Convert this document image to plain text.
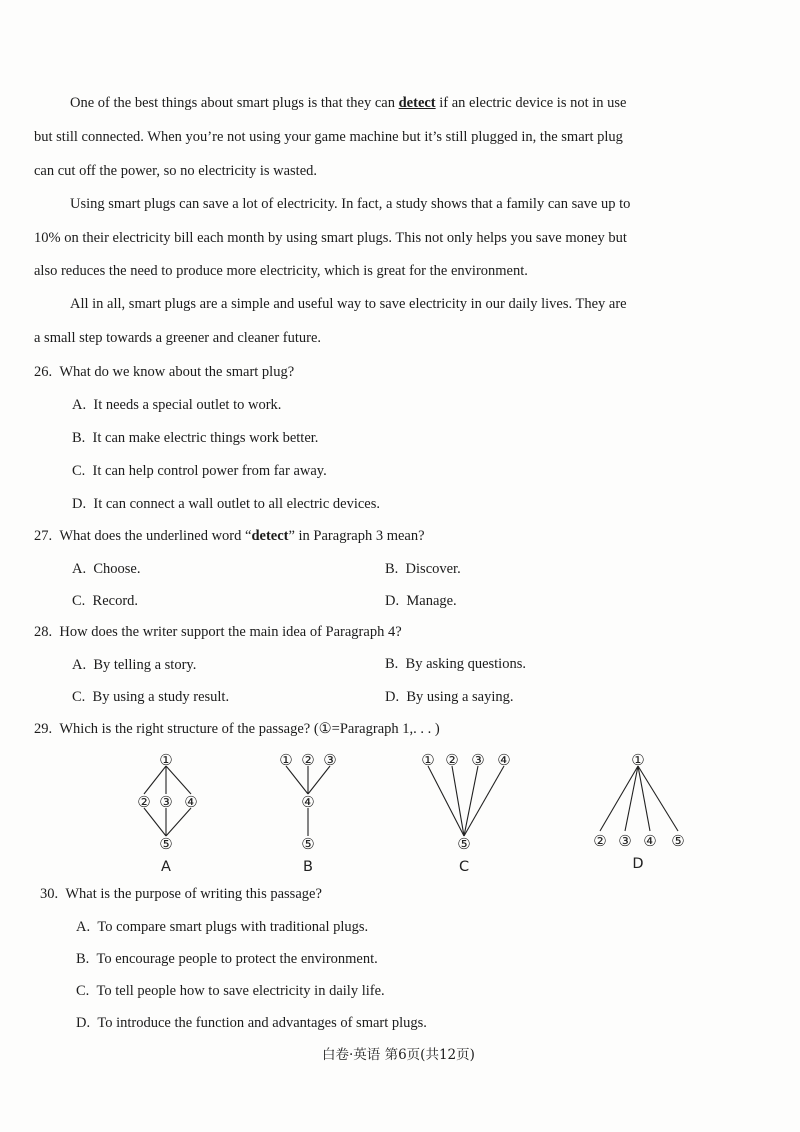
One of the best things about smart plugs is that they can detect if an electric device is not in use
but still connected. When you’re not using your game machine but it’s still plugged in, the smart plug
can cut off the power, so no electricity is wasted.
Using smart plugs can save a lot of electricity. In fact, a study shows that a family can save up to
10% on their electricity bill each month by using smart plugs. This not only helps you save money but
also reduces the need to produce more electricity, which is great for the environment.
All in all, smart plugs are a simple and useful way to save electricity in our daily lives. They are
a small step towards a greener and cleaner future.
26. What do we know about the smart plug?
A. It needs a special outlet to work.
B. It can make electric things work better.
C. It can help control power from far away.
D. It can connect a wall outlet to all electric devices.
27. What does the underlined word “detect” in Paragraph 3 mean?
A. Choose.	B. Discover.
C. Record.	D. Manage.
28. How does the writer support the main idea of Paragraph 4?
A. By telling a story.	B. By asking questions.
C. By using a study result.	D. By using a saying.
29. Which is the right structure of the passage? (①=Paragraph 1,. . . )
①
② ③ ④
⑤
A
① ② ③
④
⑤
B
① ② ③ ④
⑤
C
①
② ③ ④ ⑤
D
30. What is the purpose of writing this passage?
A. To compare smart plugs with traditional plugs.
B. To encourage people to protect the environment.
C. To tell people how to save electricity in daily life.
D. To introduce the function and advantages of smart plugs.
白卷·英语 第6页(共12页)
